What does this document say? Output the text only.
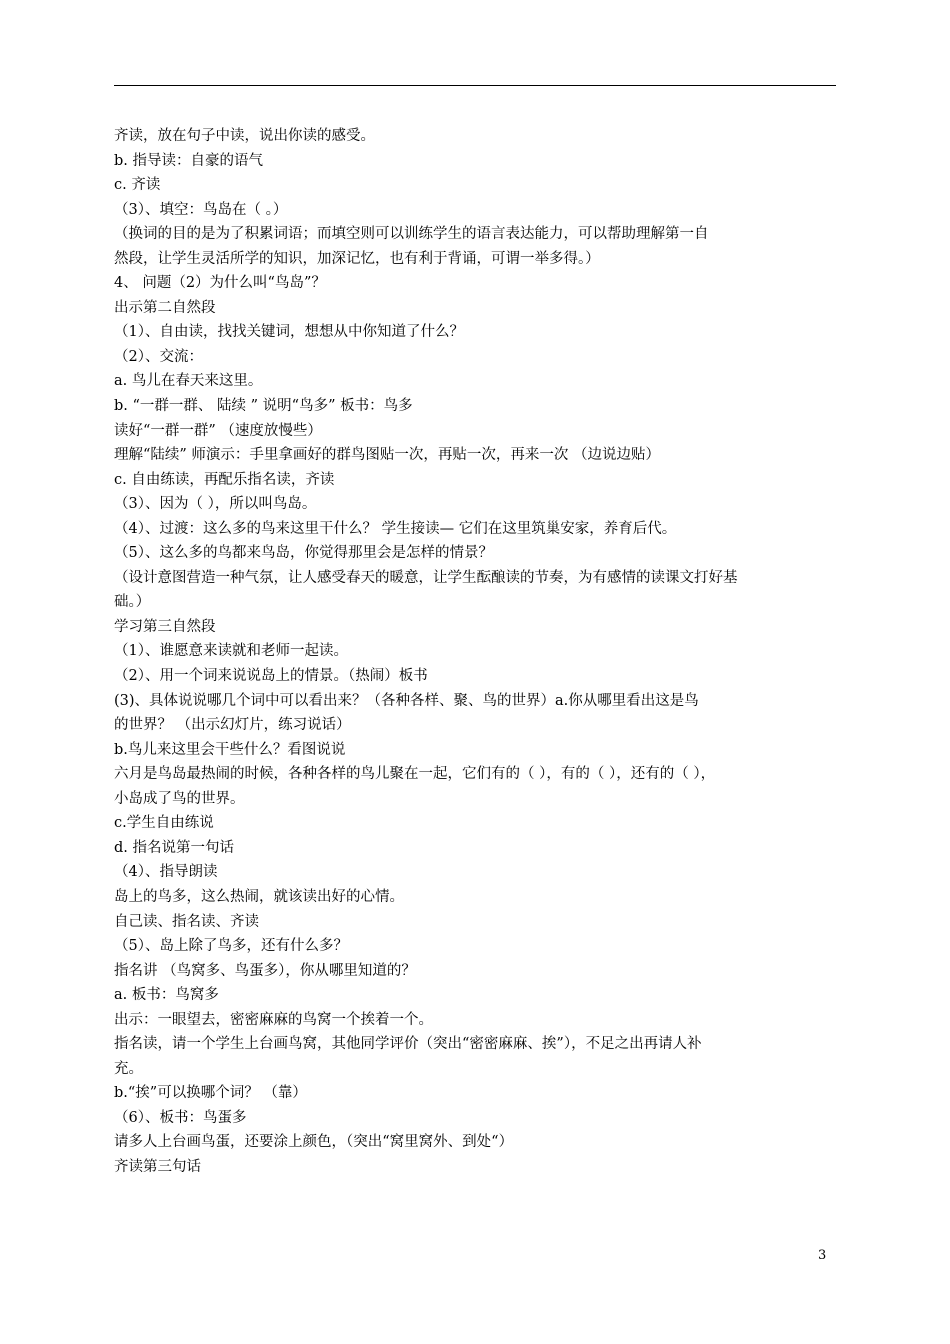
齐读，放在句子中读，说出你读的感受。
b. 指导读：自豪的语气
c. 齐读
（3）、填空：鸟岛在（ 。）
（换词的目的是为了积累词语；而填空则可以训练学生的语言表达能力，可以帮助理解第一自
然段，让学生灵活所学的知识，加深记忆，也有利于背诵，可谓一举多得。）
4、 问题（2）为什么叫“鸟岛”？
出示第二自然段
（1）、自由读，找找关键词，想想从中你知道了什么？
（2）、交流：
a. 鸟儿在春天来这里。
b. “一群一群、 陆续 ” 说明“鸟多” 板书：鸟多
读好“一群一群” （速度放慢些）
理解“陆续” 师演示：手里拿画好的群鸟图贴一次，再贴一次，再来一次 （边说边贴）
c. 自由练读，再配乐指名读，齐读
（3）、因为（ ），所以叫鸟岛。
（4）、过渡：这么多的鸟来这里干什么？ 学生接读— 它们在这里筑巢安家，养育后代。
（5）、这么多的鸟都来鸟岛，你觉得那里会是怎样的情景？
（设计意图营造一种气氛，让人感受春天的暖意，让学生酝酿读的节奏，为有感情的读课文打好基
础。）
学习第三自然段
（1）、谁愿意来读就和老师一起读。
（2）、用一个词来说说岛上的情景。（热闹）板书
(3)、具体说说哪几个词中可以看出来？（各种各样、聚、鸟的世界）a.你从哪里看出这是鸟
的世界？ （出示幻灯片，练习说话）
b.鸟儿来这里会干些什么？看图说说
六月是鸟岛最热闹的时候，各种各样的鸟儿聚在一起，它们有的（ ），有的（ ），还有的（ ），
小岛成了鸟的世界。
c.学生自由练说
d. 指名说第一句话
（4）、指导朗读
岛上的鸟多，这么热闹，就该读出好的心情。
自己读、指名读、齐读
（5）、岛上除了鸟多，还有什么多？
指名讲 （鸟窝多、鸟蛋多），你从哪里知道的？
a. 板书：鸟窝多
出示：一眼望去，密密麻麻的鸟窝一个挨着一个。
指名读，请一个学生上台画鸟窝，其他同学评价（突出“密密麻麻、挨”），不足之出再请人补
充。
b.“挨”可以换哪个词？ （靠）
（6）、板书：鸟蛋多
请多人上台画鸟蛋，还要涂上颜色，（突出“窝里窝外、到处“）
齐读第三句话
3
